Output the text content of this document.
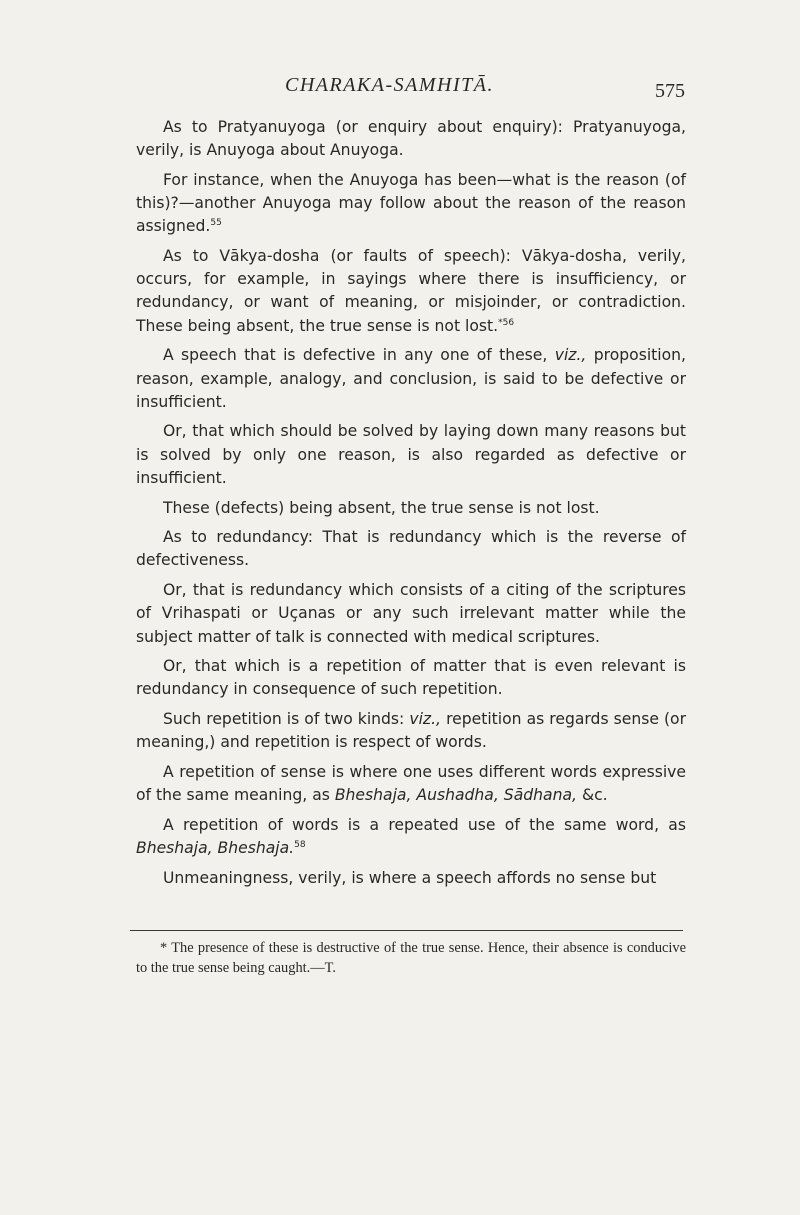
CHARAKA-SAMHITĀ.	575

As to Pratyanuyoga (or enquiry about enquiry): Pratyanuyoga, verily, is Anuyoga about Anuyoga.

For instance, when the Anuyoga has been—what is the reason (of this)?—another Anuyoga may follow about the reason of the reason assigned.$^{55}$

As to Vākya-dosha (or faults of speech): Vākya-dosha, verily, occurs, for example, in sayings where there is insufficiency, or redundancy, or want of meaning, or misjoinder, or contradiction. These being absent, the true sense is not lost.$^{*56}$

A speech that is defective in any one of these, viz., proposition, reason, example, analogy, and conclusion, is said to be defective or insufficient.

Or, that which should be solved by laying down many reasons but is solved by only one reason, is also regarded as defective or insufficient.

These (defects) being absent, the true sense is not lost.

As to redundancy: That is redundancy which is the reverse of defectiveness.

Or, that is redundancy which consists of a citing of the scriptures of Vrihaspati or Uçanas or any such irrelevant matter while the subject matter of talk is connected with medical scriptures.

Or, that which is a repetition of matter that is even relevant is redundancy in consequence of such repetition.

Such repetition is of two kinds: viz., repetition as regards sense (or meaning,) and repetition is respect of words.

A repetition of sense is where one uses different words expressive of the same meaning, as Bheshaja, Aushadha, Sādhana, &c.

A repetition of words is a repeated use of the same word, as Bheshaja, Bheshaja.$^{58}$

Unmeaningness, verily, is where a speech affords no sense but

* The presence of these is destructive of the true sense. Hence, their absence is conducive to the true sense being caught.—T.
